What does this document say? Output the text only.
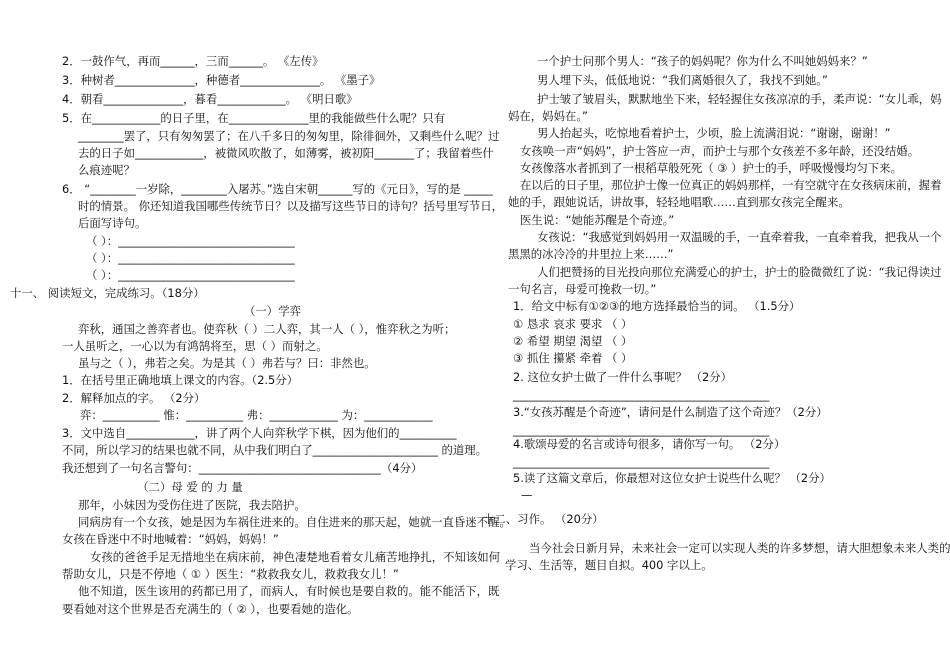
2．一鼓作气，再而______，三而______。 《左传》
3．种树者______________，种德者______________。 《墨子》
4．朝看______________，暮看____________。 《明日歌》
5．在____________的日子里，在______________里的我能做些什么呢？只有
________罢了，只有匆匆罢了；在八千多日的匆匆里，除徘徊外，又剩些什么呢？过
去的日子如____________，被微风吹散了，如薄雾，被初阳_______了；我留着些什
么痕迹呢？
6． “________一岁除，________入屠苏。”选自宋朝______写的《元日》，写的是 _____
时的情景。 你还知道我国哪些传统节日？以及描写这些节日的诗句？括号里写节日，
后面写诗句。
（ ）：_______________________________
（ ）：_______________________________
（ ）：_______________________________
十一、 阅读短文，完成练习。（18分）
（一）学弈
弈秋，通国之善弈者也。使弈秋（ ）二人弈，其一人（ ），惟弈秋之为听；
一人虽听之，一心以为有鸿鹄将至，思（ ）而射之。
虽与之（ ），弗若之矣。为是其（ ）弗若与？曰：非然也。
1．在括号里正确地填上课文的内容。（2.5分）
2．解释加点的字。 （2分）
弈：__________ 惟：__________ 弗：____________ 为：____________
3．文中选自____________，讲了两个人向弈秋学下棋，因为他们的__________
不同，所以学习的结果也就不同，从中我们明白了______________________ 的道理。
我还想到了一句名言警句：________________________________（4分）
（二）母 爱 的 力 量
那年，小妹因为受伤住进了医院，我去陪护。
同病房有一个女孩，她是因为车祸住进来的。自住进来的那天起，她就一直昏迷不醒。
女孩在昏迷中不时地喊着：“妈妈，妈妈！”
女孩的爸爸手足无措地坐在病床前，神色凄楚地看着女儿痛苦地挣扎，不知该如何
帮助女儿，只是不停地（ ① ）医生：“救救我女儿，救救我女儿！”
他不知道，医生该用的药都已用了，而病人，有时候也是要自救的。能不能活下，既
要看她对这个世界是否充满生的（ ② ），也要看她的造化。
一个护士问那个男人：“孩子的妈妈呢？你为什么不叫她妈妈来？”
男人埋下头，低低地说：“我们离婚很久了，我找不到她。”
护士皱了皱眉头，默默地坐下来，轻轻握住女孩凉凉的手，柔声说：“女儿乖，妈
妈在，妈妈在。”
男人抬起头，吃惊地看着护士，少顷，脸上流满泪说：“谢谢，谢谢！”
女孩唤一声“妈妈”，护士答应一声，而护士与那个女孩差不多年龄，还没结婚。
女孩像落水者抓到了一根稻草般死死（ ③ ）护士的手，呼吸慢慢均匀下来。
在以后的日子里，那位护士像一位真正的妈妈那样，一有空就守在女孩病床前，握着
她的手，跟她说话，讲故事，轻轻地唱歌……直到那女孩完全醒来。
医生说：“她能苏醒是个奇迹。”
女孩说：“我感觉到妈妈用一双温暖的手，一直牵着我，一直牵着我，把我从一个
黑黑的冰冷冷的井里拉上来……”
人们把赞扬的目光投向那位充满爱心的护士，护士的脸微微红了说：“我记得读过
一句名言，母爱可挽救一切。”
1．给文中标有①②③的地方选择最恰当的词。 （1.5分）
① 恳求 哀求 要求 （ ）
② 希望 期望 渴望 （ ）
③ 抓住 攥紧 牵着 （ ）
2. 这位女护士做了一件什么事呢？ （2分）
_____________________________________________
3.“女孩苏醒是个奇迹”，请问是什么制造了这个奇迹？（2分）
_____________________________________________
4.歌颂母爱的名言或诗句很多，请你写一句。 （2分）
_____________________________________________
5.读了这篇文章后，你最想对这位女护士说些什么呢？ （2分）
—
十二、习作。 （20分）
当今社会日新月异，未来社会一定可以实现人类的许多梦想，请大胆想象未来人类的
学习、生活等，题目自拟。400 字以上。
